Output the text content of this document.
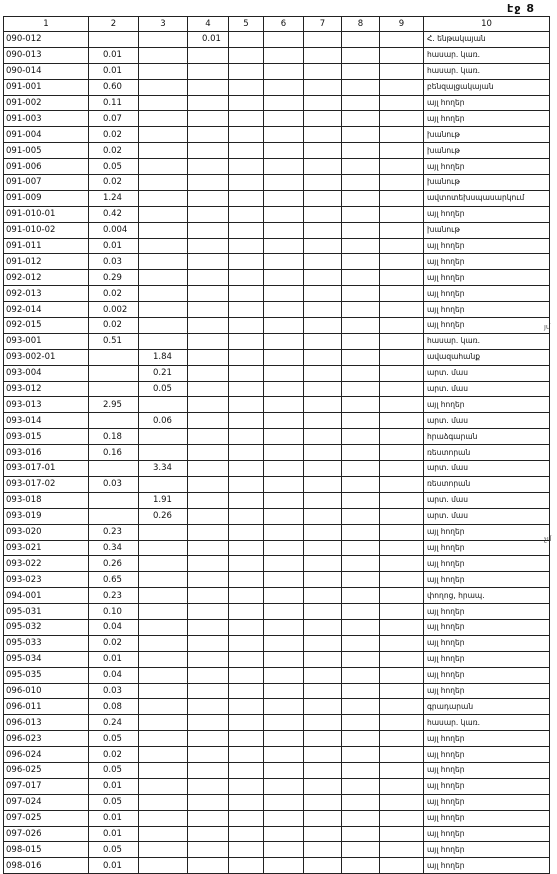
էջ 8
յմ
չմ
1	2	3	4	5	6	7	8	9	10
090-012			0.01						Հ. ենթակայան
090-013	0.01								հասար. կառ.
090-014	0.01								հասար. կառ.
091-001	0.60								բենզալցակայան
091-002	0.11								այլ հողեր
091-003	0.07								այլ հողեր
091-004	0.02								խանութ
091-005	0.02								խանութ
091-006	0.05								այլ հողեր
091-007	0.02								խանութ
091-009	1.24								ավտոտեխսպասարկում
091-010-01	0.42								այլ հողեր
091-010-02	0.004								խանութ
091-011	0.01								այլ հողեր
091-012	0.03								այլ հողեր
092-012	0.29								այլ հողեր
092-013	0.02								այլ հողեր
092-014	0.002								այլ հողեր
092-015	0.02								այլ հողեր
093-001	0.51								հասար. կառ.
093-002-01		1.84							ավազահանք
093-004		0.21							արտ. մաս
093-012		0.05							արտ. մաս
093-013	2.95								այլ հողեր
093-014		0.06							արտ. մաս
093-015	0.18								հրաձգարան
093-016	0.16								ռեստորան
093-017-01		3.34							արտ. մաս
093-017-02	0.03								ռեստորան
093-018		1.91							արտ. մաս
093-019		0.26							արտ. մաս
093-020	0.23								այլ հողեր
093-021	0.34								այլ հողեր
093-022	0.26								այլ հողեր
093-023	0.65								այլ հողեր
094-001	0.23								փողոց, հրապ.
095-031	0.10								այլ հողեր
095-032	0.04								այլ հողեր
095-033	0.02								այլ հողեր
095-034	0.01								այլ հողեր
095-035	0.04								այլ հողեր
096-010	0.03								այլ հողեր
096-011	0.08								գրադարան
096-013	0.24								հասար. կառ.
096-023	0.05								այլ հողեր
096-024	0.02								այլ հողեր
096-025	0.05								այլ հողեր
097-017	0.01								այլ հողեր
097-024	0.05								այլ հողեր
097-025	0.01								այլ հողեր
097-026	0.01								այլ հողեր
098-015	0.05								այլ հողեր
098-016	0.01								այլ հողեր
